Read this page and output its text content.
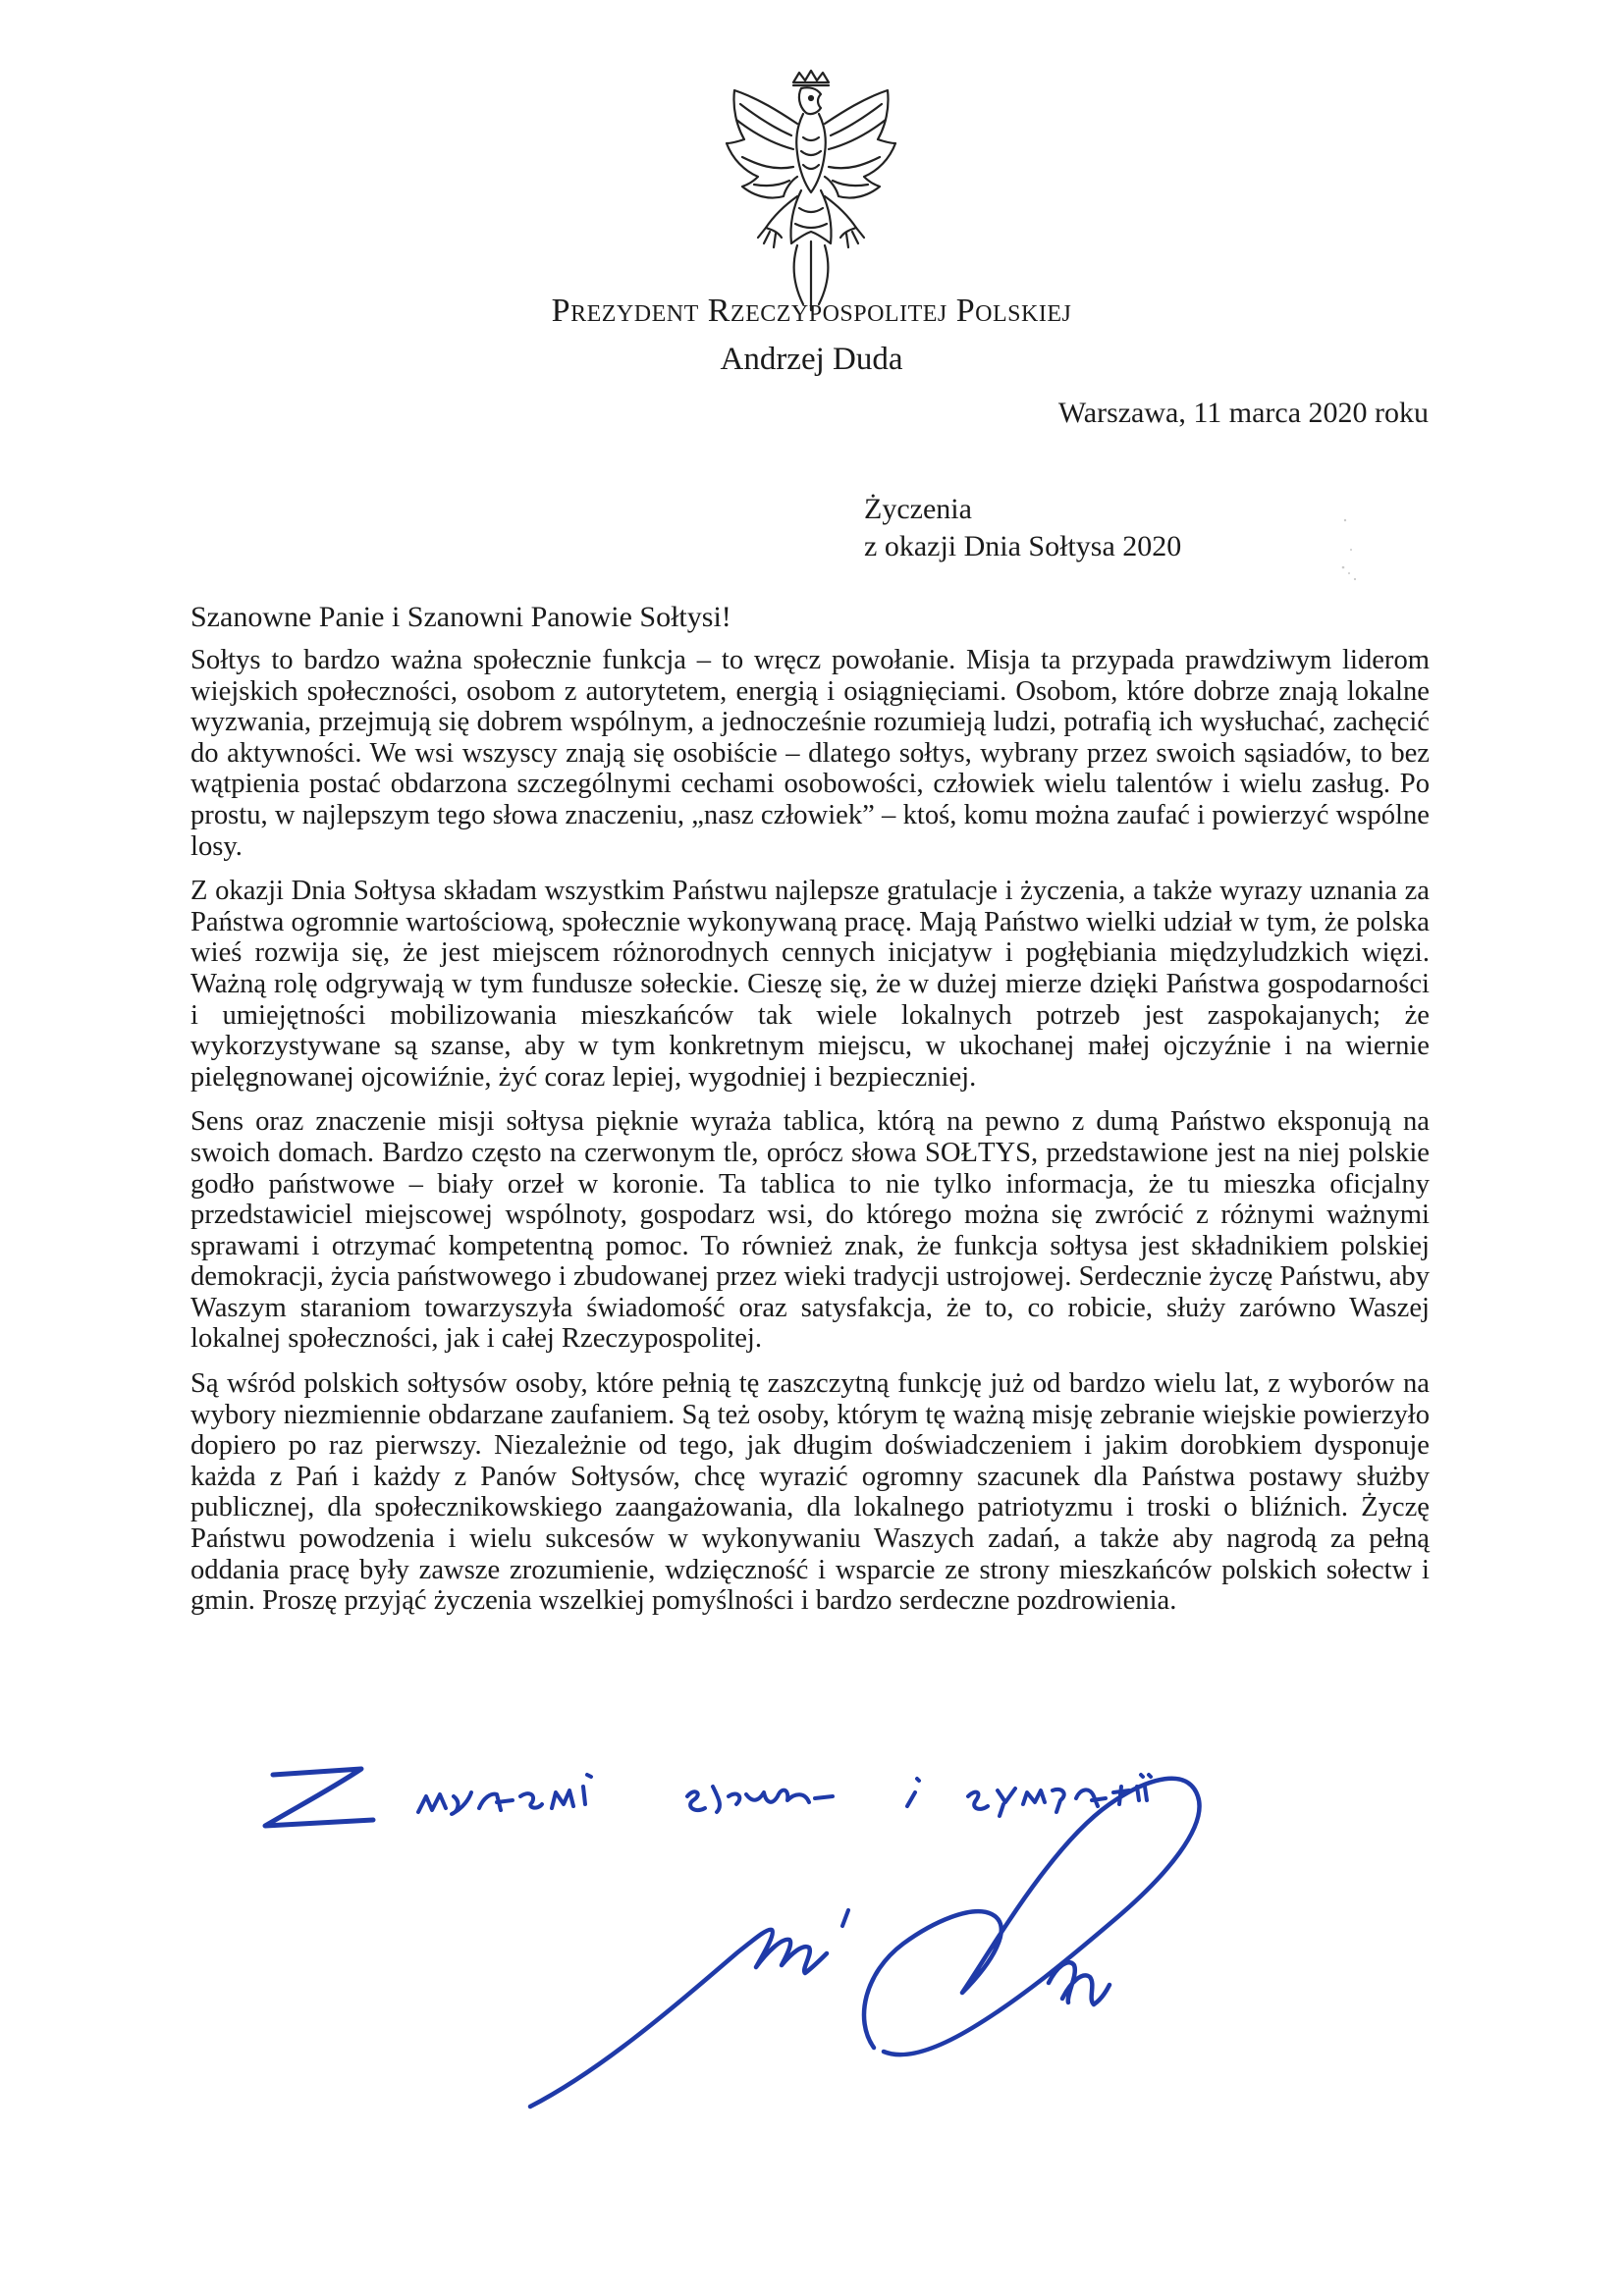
Prezydent Rzeczypospolitej Polskiej
Andrzej Duda
Warszawa, 11 marca 2020 roku
Życzenia
z okazji Dnia Sołtysa 2020
Szanowne Panie i Szanowni Panowie Sołtysi!

Sołtys to bardzo ważna społecznie funkcja – to wręcz powołanie. Misja ta przypada prawdziwym liderom wiejskich społeczności, osobom z autorytetem, energią i osiągnięciami. Osobom, które dobrze znają lokalne wyzwania, przejmują się dobrem wspólnym, a jednocześnie rozumieją ludzi, potrafią ich wysłuchać, zachęcić do aktywności. We wsi wszyscy znają się osobiście – dlatego sołtys, wybrany przez swoich sąsiadów, to bez wątpienia postać obdarzona szczególnymi cechami osobowości, człowiek wielu talentów i wielu zasług. Po prostu, w najlepszym tego słowa znaczeniu, „nasz człowiek” – ktoś, komu można zaufać i powierzyć wspólne losy.

Z okazji Dnia Sołtysa składam wszystkim Państwu najlepsze gratulacje i życzenia, a także wyrazy uznania za Państwa ogromnie wartościową, społecznie wykonywaną pracę. Mają Państwo wielki udział w tym, że polska wieś rozwija się, że jest miejscem różnorodnych cennych inicjatyw i pogłębiania międzyludzkich więzi. Ważną rolę odgrywają w tym fundusze sołeckie. Cieszę się, że w dużej mierze dzięki Państwa gospodarności i umiejętności mobilizowania mieszkańców tak wiele lokalnych potrzeb jest zaspokajanych; że wykorzystywane są szanse, aby w tym konkretnym miejscu, w ukochanej małej ojczyźnie i na wiernie pielęgnowanej ojcowiźnie, żyć coraz lepiej, wygodniej i bezpieczniej.

Sens oraz znaczenie misji sołtysa pięknie wyraża tablica, którą na pewno z dumą Państwo eksponują na swoich domach. Bardzo często na czerwonym tle, oprócz słowa SOŁTYS, przedstawione jest na niej polskie godło państwowe – biały orzeł w koronie. Ta tablica to nie tylko informacja, że tu mieszka oficjalny przedstawiciel miejscowej wspólnoty, gospodarz wsi, do którego można się zwrócić z różnymi ważnymi sprawami i otrzymać kompetentną pomoc. To również znak, że funkcja sołtysa jest składnikiem polskiej demokracji, życia państwowego i zbudowanej przez wieki tradycji ustrojowej. Serdecznie życzę Państwu, aby Waszym staraniom towarzyszyła świadomość oraz satysfakcja, że to, co robicie, służy zarówno Waszej lokalnej społeczności, jak i całej Rzeczypospolitej.

Są wśród polskich sołtysów osoby, które pełnią tę zaszczytną funkcję już od bardzo wielu lat, z wyborów na wybory niezmiennie obdarzane zaufaniem. Są też osoby, którym tę ważną misję zebranie wiejskie powierzyło dopiero po raz pierwszy. Niezależnie od tego, jak długim doświadczeniem i jakim dorobkiem dysponuje każda z Pań i każdy z Panów Sołtysów, chcę wyrazić ogromny szacunek dla Państwa postawy służby publicznej, dla społecznikowskiego zaangażowania, dla lokalnego patriotyzmu i troski o bliźnich. Życzę Państwu powodzenia i wielu sukcesów w wykonywaniu Waszych zadań, a także aby nagrodą za pełną oddania pracę były zawsze zrozumienie, wdzięczność i wsparcie ze strony mieszkańców polskich sołectw i gmin. Proszę przyjąć życzenia wszelkiej pomyślności i bardzo serdeczne pozdrowienia.
